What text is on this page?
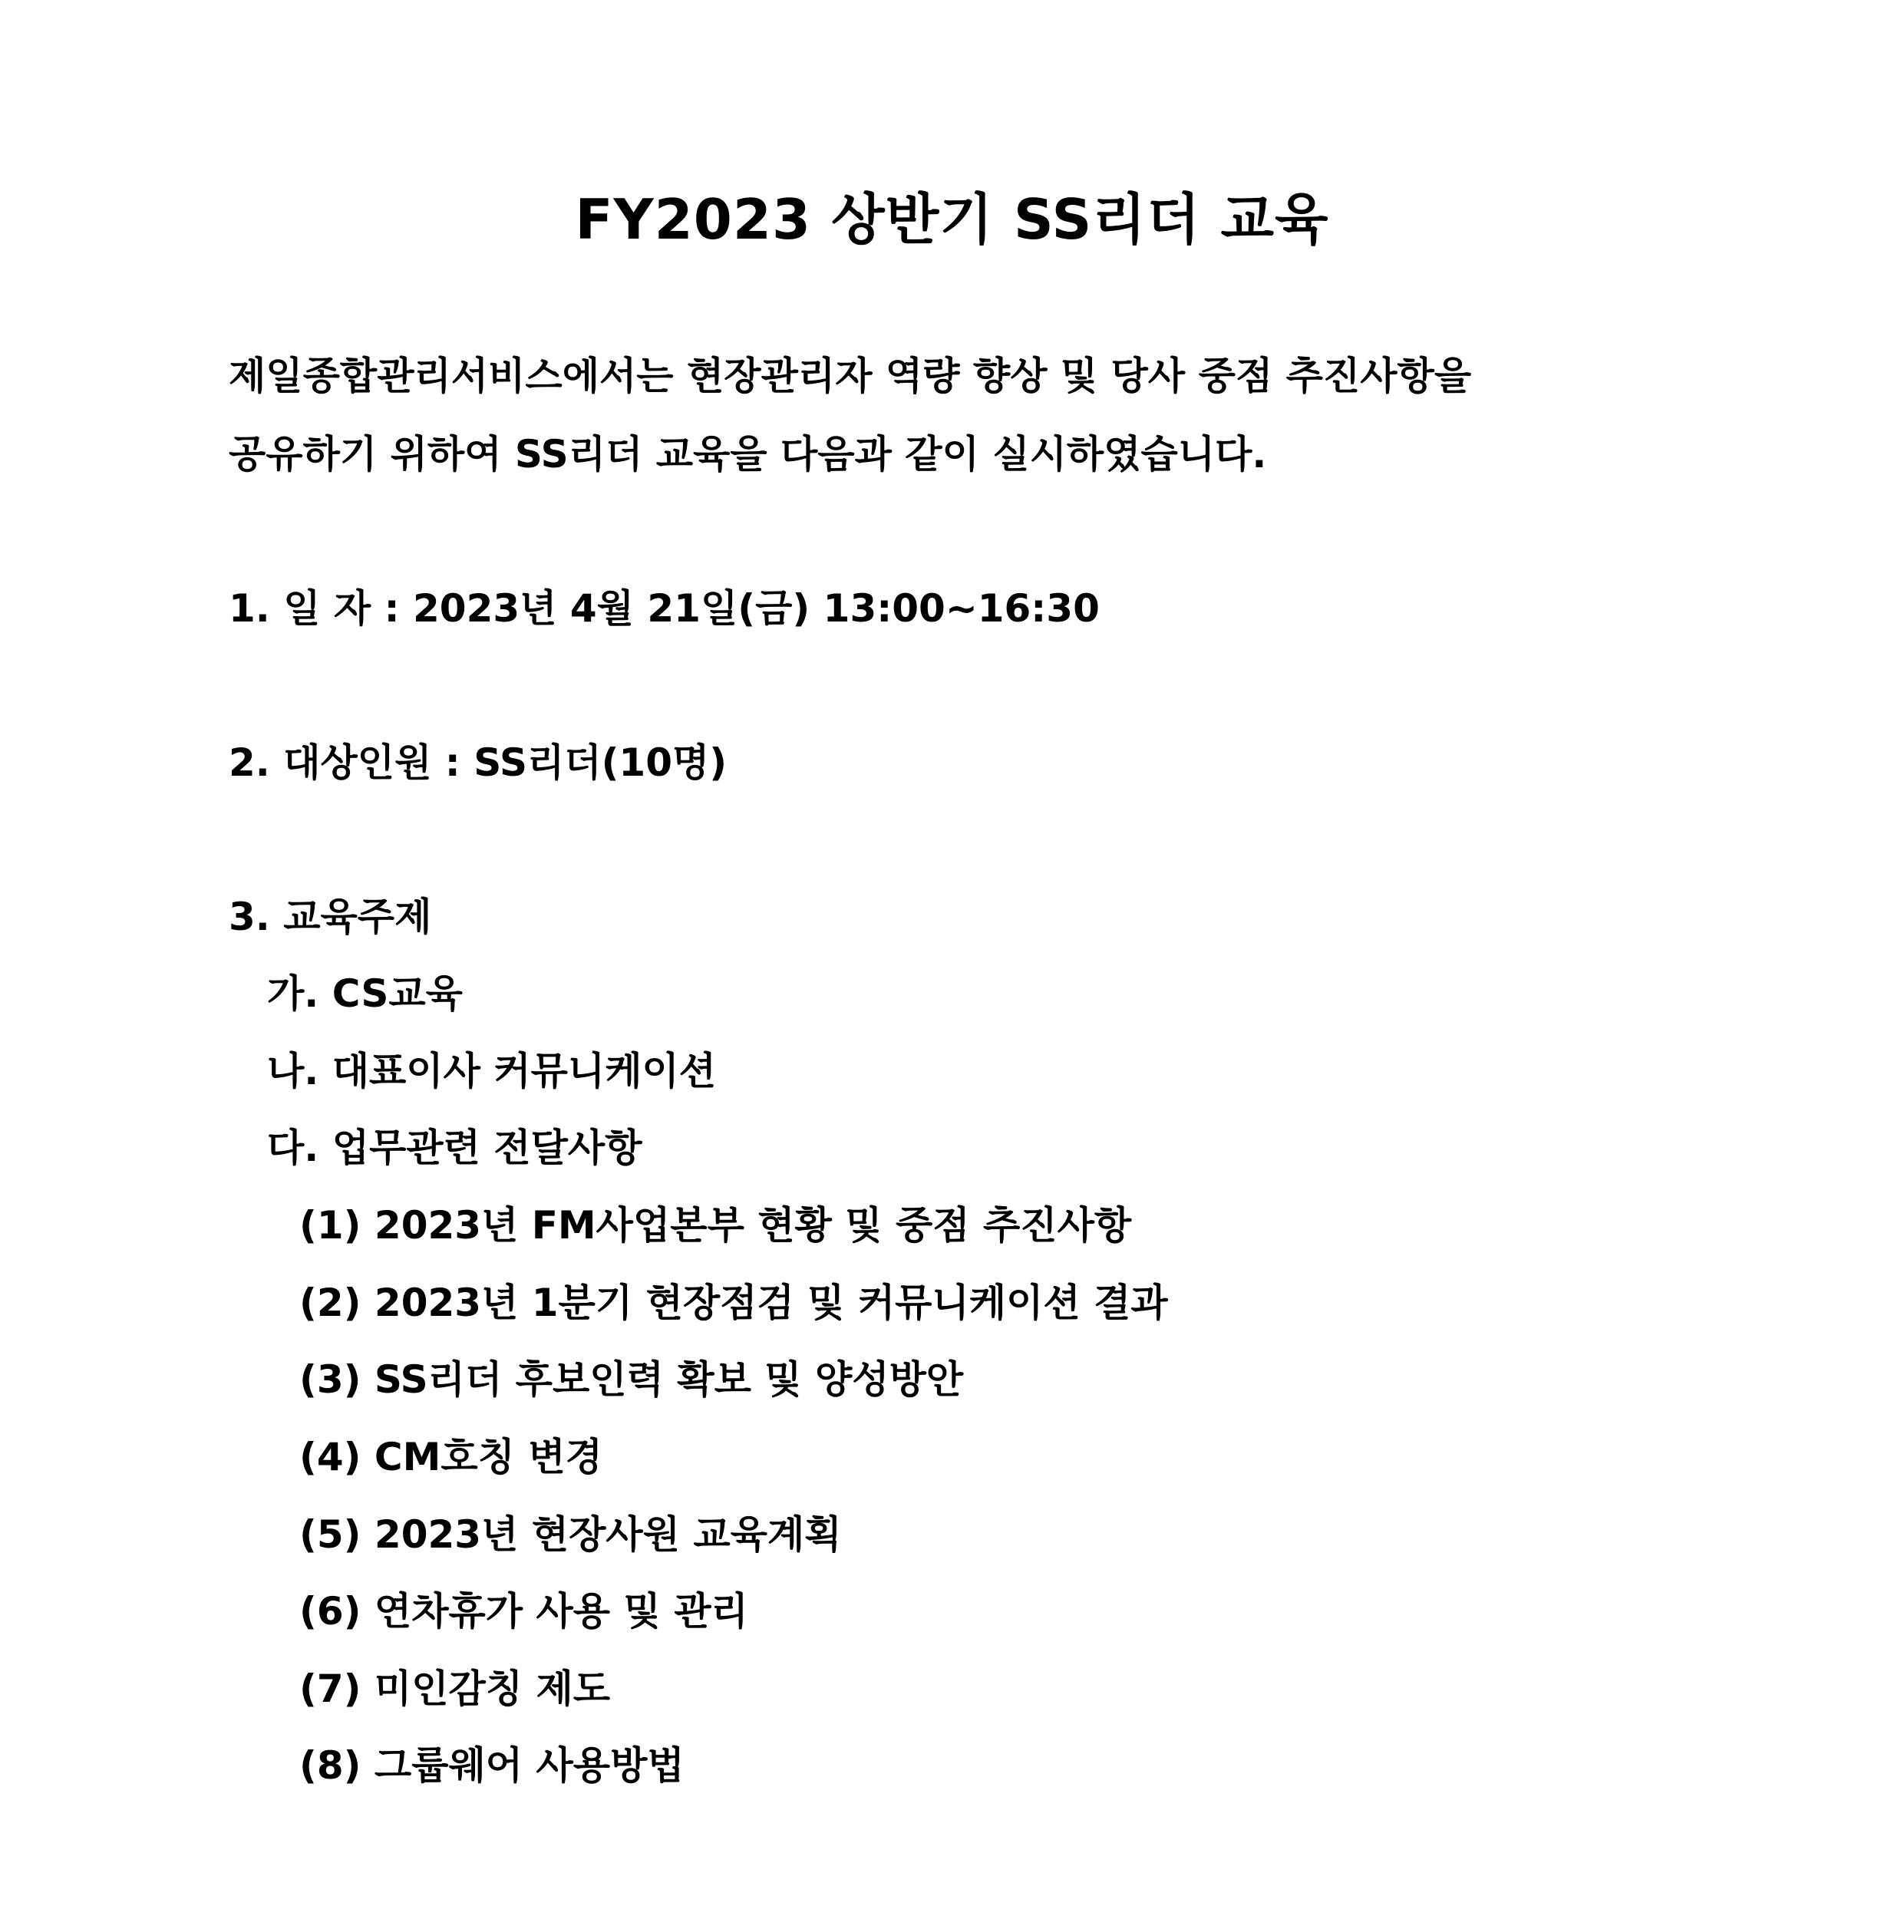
FY2023 상반기 SS리더 교육
제일종합관리서비스에서는 현장관리자 역량 향상 및 당사 중점 추진사항을
공유하기 위하여 SS리더 교육을 다음과 같이 실시하였습니다.
1. 일 자 : 2023년 4월 21일(금) 13:00~16:30
2. 대상인원 : SS리더(10명)
3. 교육주제
가. CS교육
나. 대표이사 커뮤니케이션
다. 업무관련 전달사항
(1) 2023년 FM사업본부 현황 및 중점 추진사항
(2) 2023년 1분기 현장점검 및 커뮤니케이션 결과
(3) SS리더 후보인력 확보 및 양성방안
(4) CM호칭 변경
(5) 2023년 현장사원 교육계획
(6) 연차휴가 사용 및 관리
(7) 미인감칭 제도
(8) 그룹웨어 사용방법
